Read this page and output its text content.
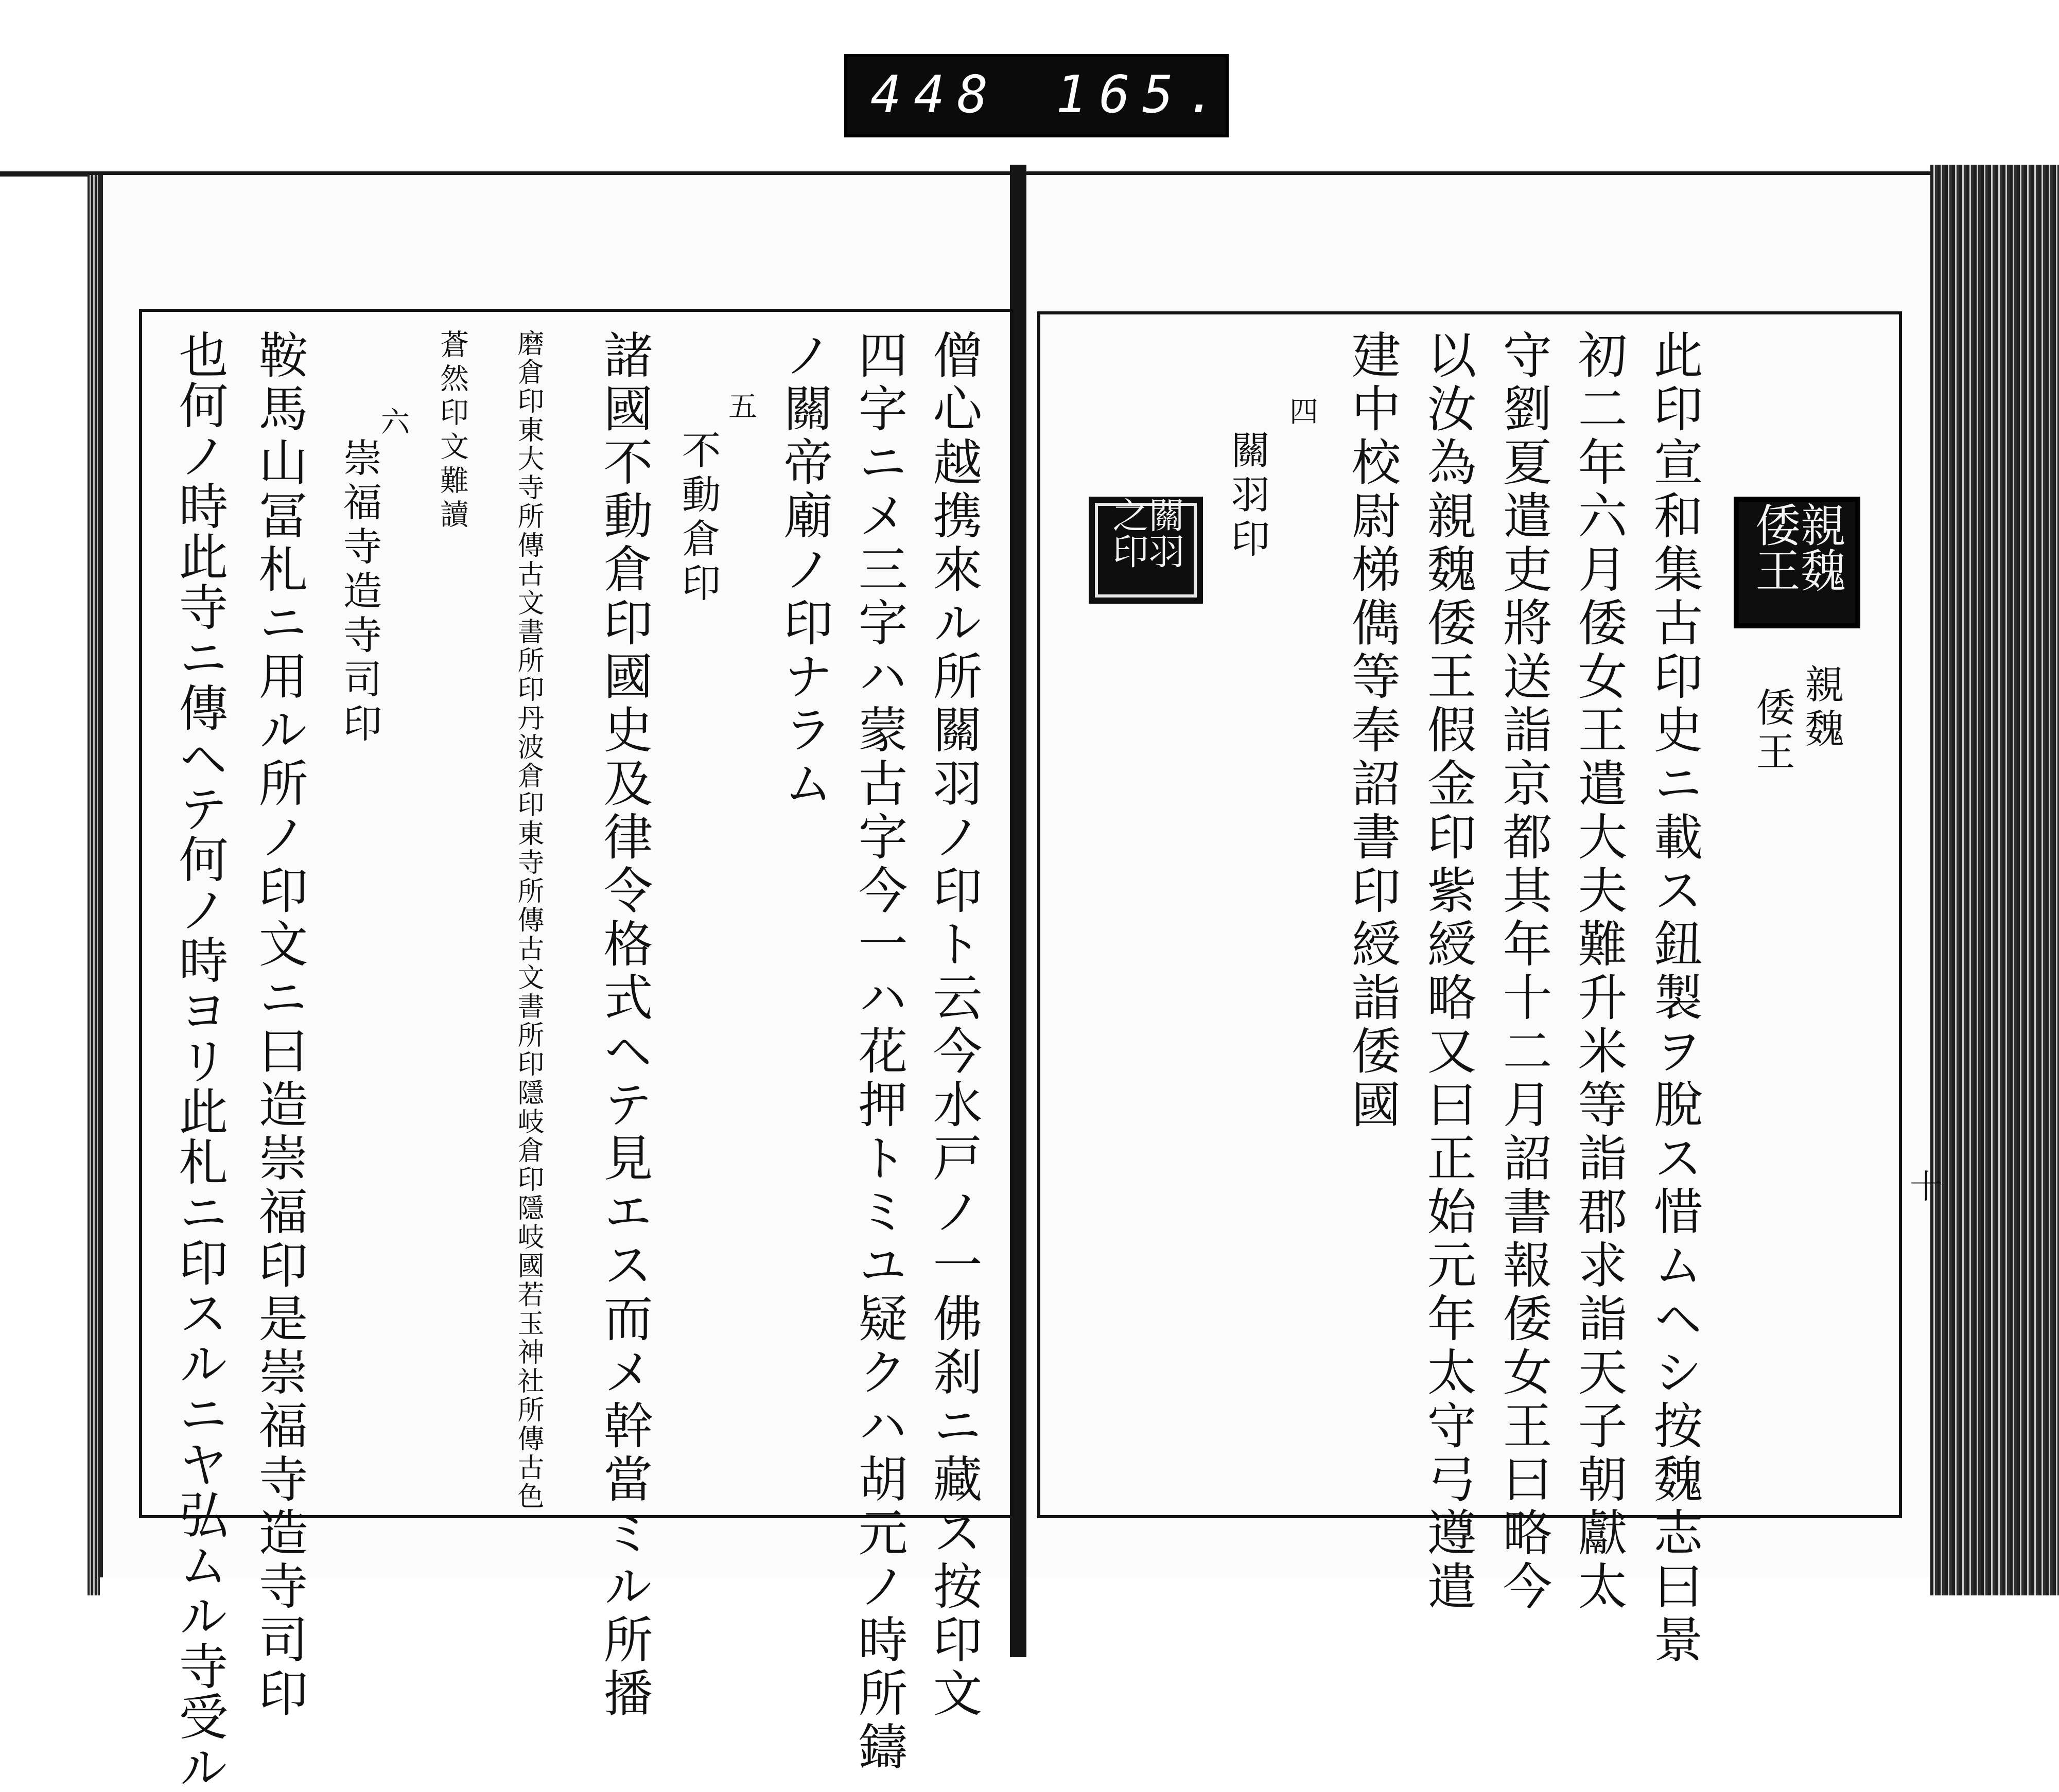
448 165.
此印宣和集古印史ニ載ス鈕製ヲ脫ス惜ムヘシ按魏志曰景
初二年六月倭女王遣大夫難升米等詣郡求詣天子朝獻太
守劉夏遣吏將送詣京都其年十二月詔書報倭女王曰略今
以汝為親魏倭王假金印紫綬略又曰正始元年太守弓遵遣
建中校尉梯儁等奉詔書印綬詣倭國	親魏倭王
親魏
倭王
四
關羽印
關羽之印
十
僧心越携來ル所關羽ノ印ト云今水戸ノ一佛刹ニ藏ス按印文
四字ニメ三字ハ蒙古字今一ハ花押トミユ疑クハ胡元ノ時所鑄
ノ關帝廟ノ印ナラム
五
不動倉印
諸國不動倉印國史及律令格式ヘテ見エス而メ幹當ミル所播
磨倉印東大寺所傳古文書所印丹波倉印東寺所傳古文書所印隱岐倉印隱岐國若玉神社所傳古色
蒼然印文難讀
六
崇福寺造寺司印
鞍馬山冨札ニ用ル所ノ印文ニ曰造崇福印是崇福寺造寺司印
也何ノ時此寺ニ傳ヘテ何ノ時ヨリ此札ニ印スルニヤ弘ムル寺受ル
